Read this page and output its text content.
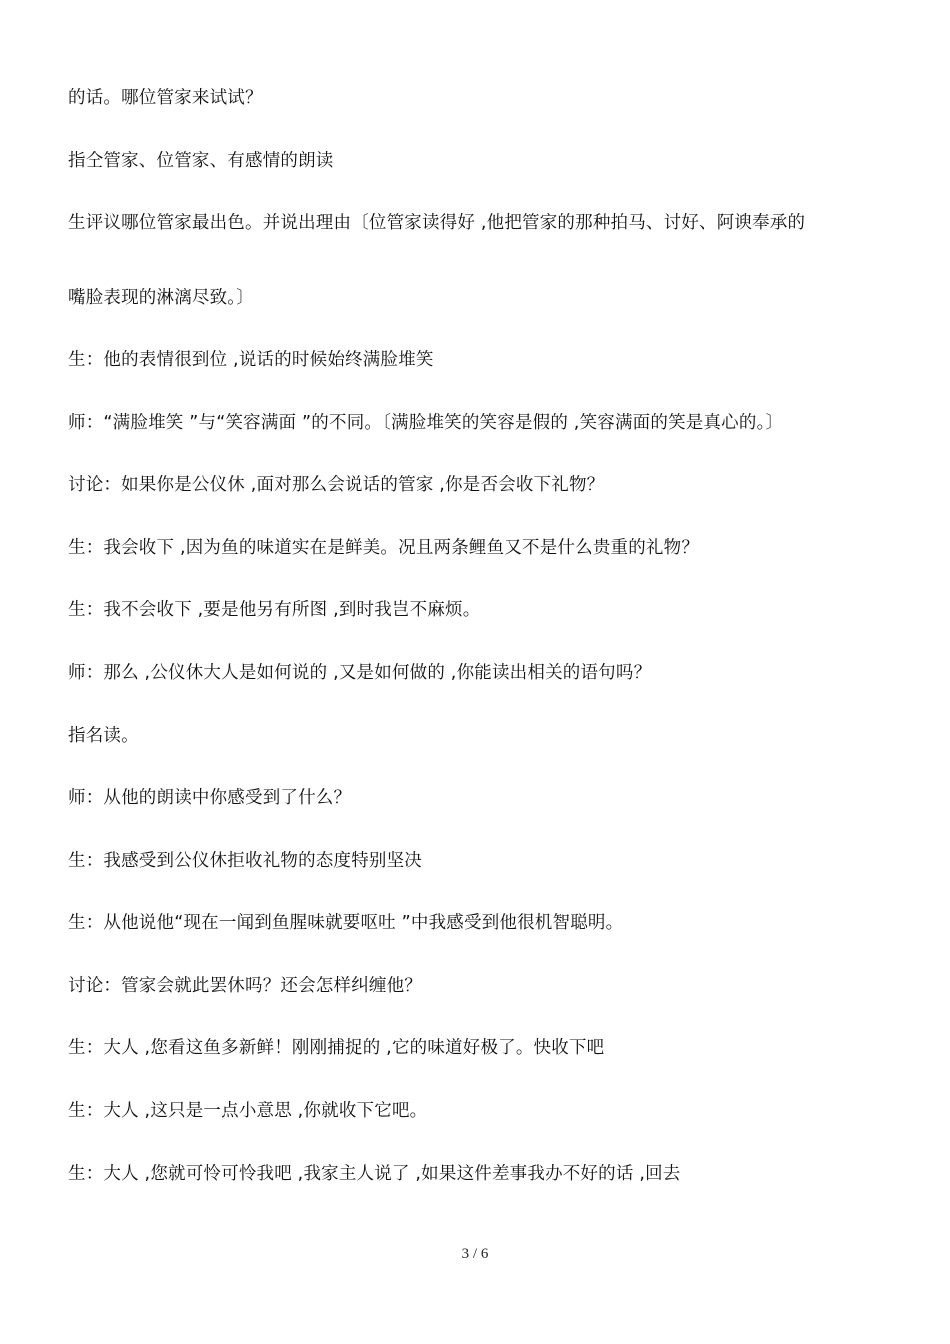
的话。哪位管家来试试？
指仝管家、位管家、有感情的朗读
生评议哪位管家最出色。并说出理由〔位管家读得好 ,他把管家的那种拍马、讨好、阿谀奉承的
嘴脸表现的淋漓尽致。〕
生：他的表情很到位 ,说话的时候始终满脸堆笑
师：“满脸堆笑 ”与“笑容满面 ”的不同。〔满脸堆笑的笑容是假的 ,笑容满面的笑是真心的。〕
讨论：如果你是公仪休 ,面对那么会说话的管家 ,你是否会收下礼物？
生：我会收下 ,因为鱼的味道实在是鲜美。况且两条鲤鱼又不是什么贵重的礼物？
生：我不会收下 ,要是他另有所图 ,到时我岂不麻烦。
师：那么 ,公仪休大人是如何说的 ,又是如何做的 ,你能读出相关的语句吗？
指名读。
师：从他的朗读中你感受到了什么？
生：我感受到公仪休拒收礼物的态度特别坚决
生：从他说他“现在一闻到鱼腥味就要呕吐 ”中我感受到他很机智聪明。
讨论：管家会就此罢休吗？还会怎样纠缠他？
生：大人 ,您看这鱼多新鲜！刚刚捕捉的 ,它的味道好极了。快收下吧
生：大人 ,这只是一点小意思 ,你就收下它吧。
生：大人 ,您就可怜可怜我吧 ,我家主人说了 ,如果这件差事我办不好的话 ,回去
3 / 6
